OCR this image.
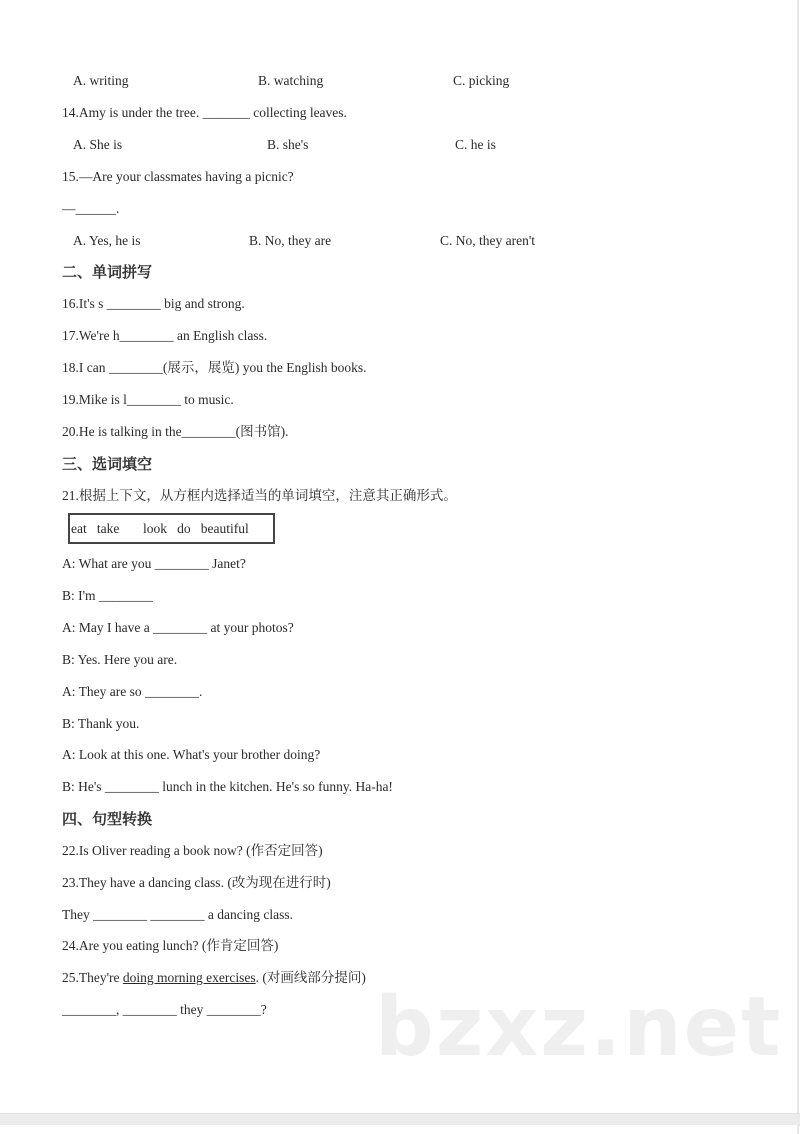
A. writing	B. watching	C. picking
14.Amy is under the tree. _______ collecting leaves.
A. She is	B. she's	C. he is
15.—Are your classmates having a picnic?
—______.
A. Yes, he is	B. No, they are	C. No, they aren't
二、单词拼写
16.It's s ________ big and strong.
17.We're h________ an English class.
18.I can ________(展示，展览) you the English books.
19.Mike is l________ to music.
20.He is talking in the________(图书馆).
三、选词填空
21.根据上下文，从方框内选择适当的单词填空，注意其正确形式。
eat   take       look   do   beautiful
A: What are you ________ Janet?
B: I'm ________
A: May I have a ________ at your photos?
B: Yes. Here you are.
A: They are so ________.
B: Thank you.
A: Look at this one. What's your brother doing?
B: He's ________ lunch in the kitchen. He's so funny. Ha-ha!
四、句型转换
22.Is Oliver reading a book now? (作否定回答)
23.They have a dancing class. (改为现在进行时)
They ________ ________ a dancing class.
24.Are you eating lunch? (作肯定回答)
25.They're doing morning exercises. (对画线部分提问)
________, ________ they ________? bzxz.net
